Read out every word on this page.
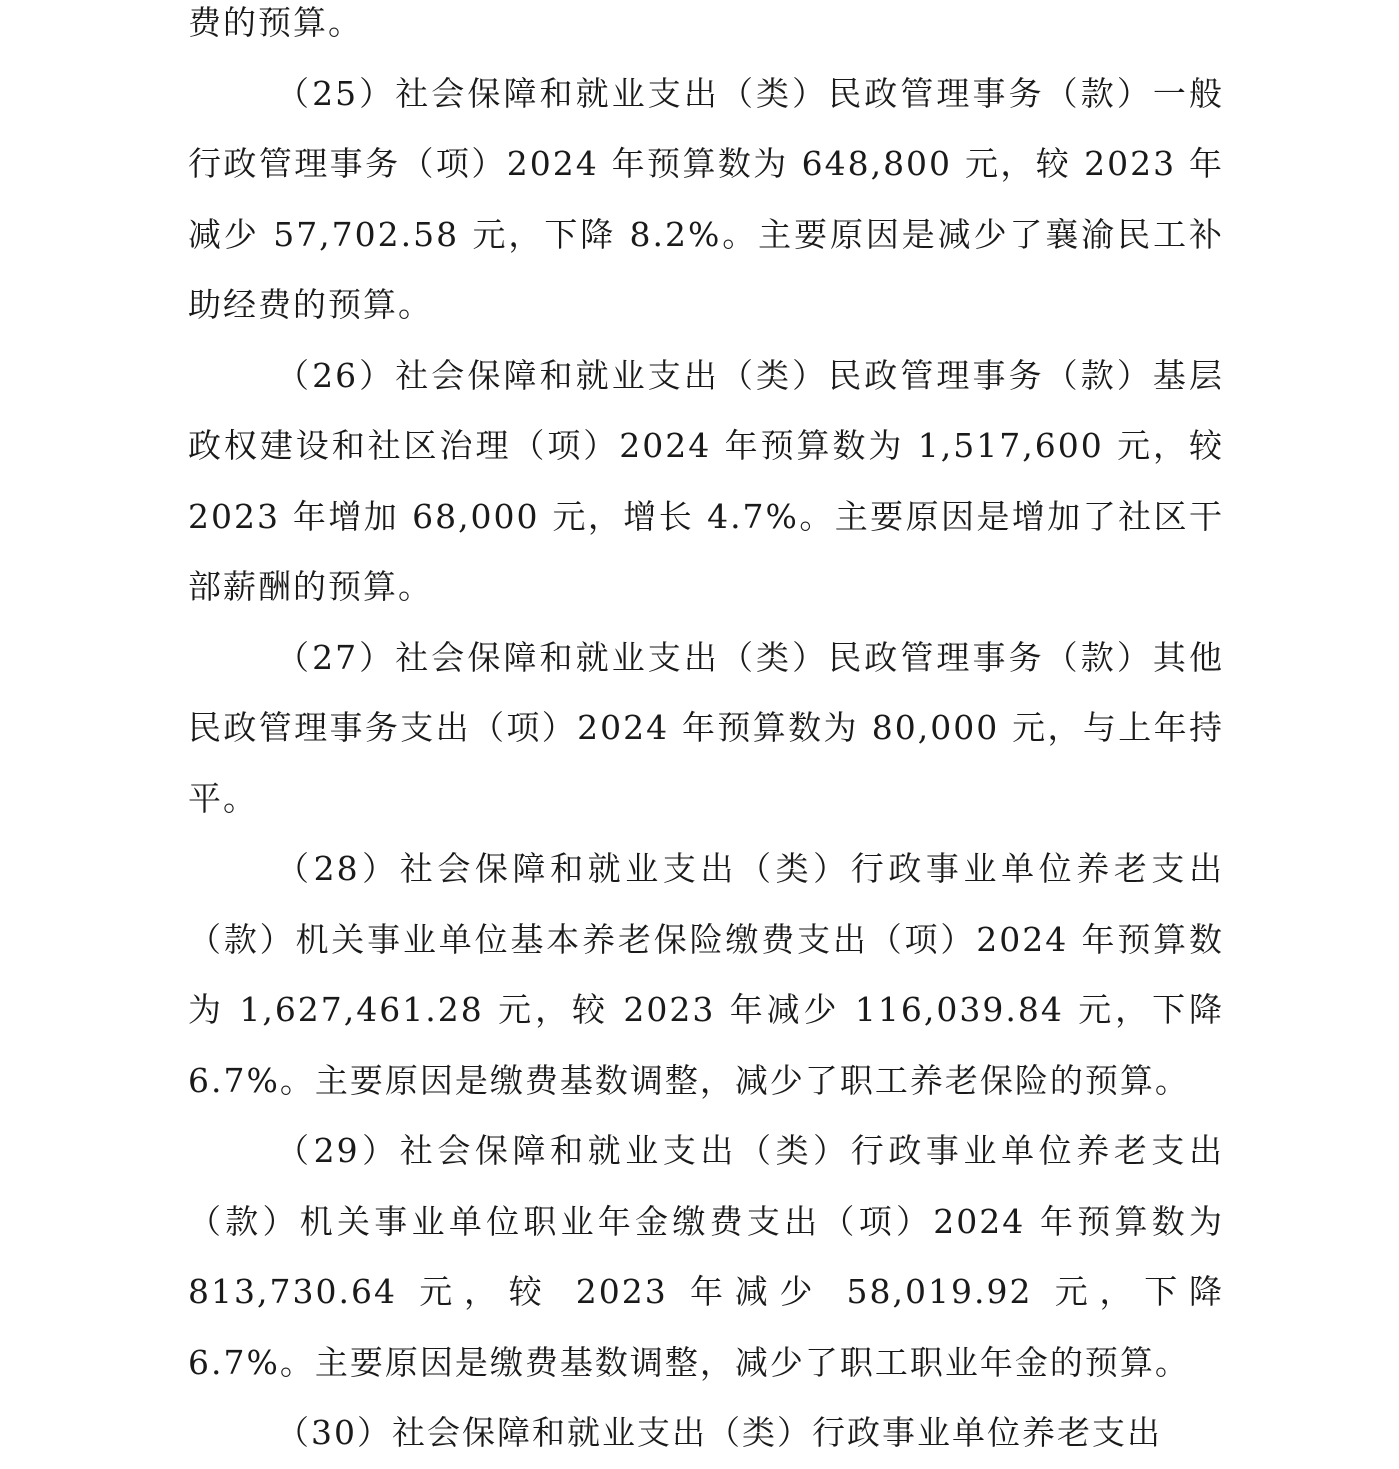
费的预算。

（25）社会保障和就业支出（类）民政管理事务（款）一般行政管理事务（项）2024 年预算数为 648,800 元，较 2023 年减少 57,702.58 元，下降 8.2%。主要原因是减少了襄渝民工补助经费的预算。

（26）社会保障和就业支出（类）民政管理事务（款）基层政权建设和社区治理（项）2024 年预算数为 1,517,600 元，较 2023 年增加 68,000 元，增长 4.7%。主要原因是增加了社区干部薪酬的预算。

（27）社会保障和就业支出（类）民政管理事务（款）其他民政管理事务支出（项）2024 年预算数为 80,000 元，与上年持平。

（28）社会保障和就业支出（类）行政事业单位养老支出（款）机关事业单位基本养老保险缴费支出（项）2024 年预算数为 1,627,461.28 元，较 2023 年减少 116,039.84 元，下降 6.7%。主要原因是缴费基数调整，减少了职工养老保险的预算。

（29）社会保障和就业支出（类）行政事业单位养老支出（款）机关事业单位职业年金缴费支出（项）2024 年预算数为 813,730.64 元，较 2023 年减少 58,019.92 元，下降 6.7%。主要原因是缴费基数调整，减少了职工职业年金的预算。

（30）社会保障和就业支出（类）行政事业单位养老支出
